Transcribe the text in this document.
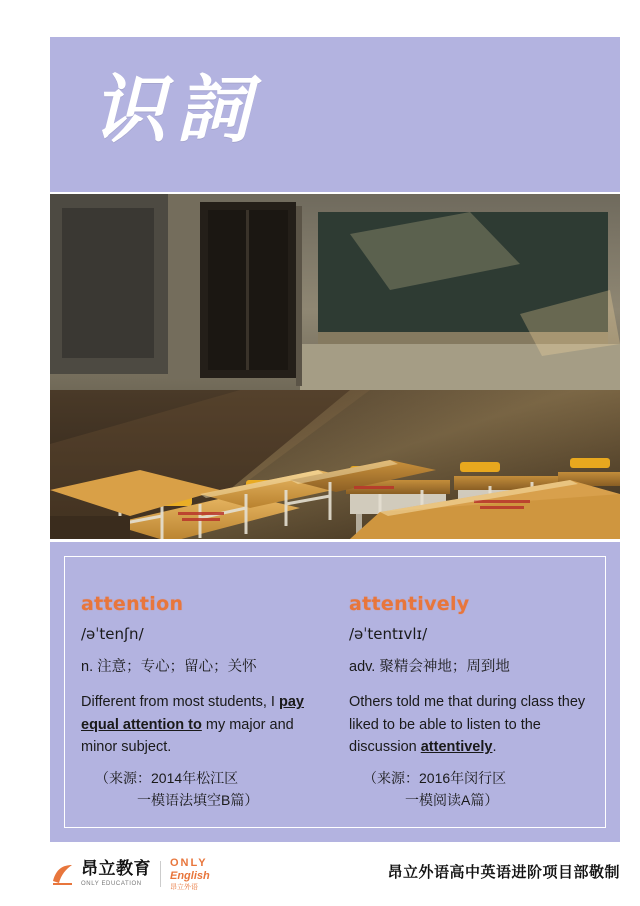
识詞
attention
/əˈtenʃn/
n. 注意；专心；留心；关怀

Different from most students, I pay equal attention to my major and minor subject.

（来源：2014年松江区
一模语法填空B篇）

attentively
/əˈtentɪvlɪ/
adv. 聚精会神地；周到地

Others told me that during class they liked to be able to listen to the discussion attentively.

（来源：2016年闵行区
一模阅读A篇）

昂立教育
ONLY EDUCATION
ONLY
English
昂立外语
昂立外语高中英语进阶项目部敬制
